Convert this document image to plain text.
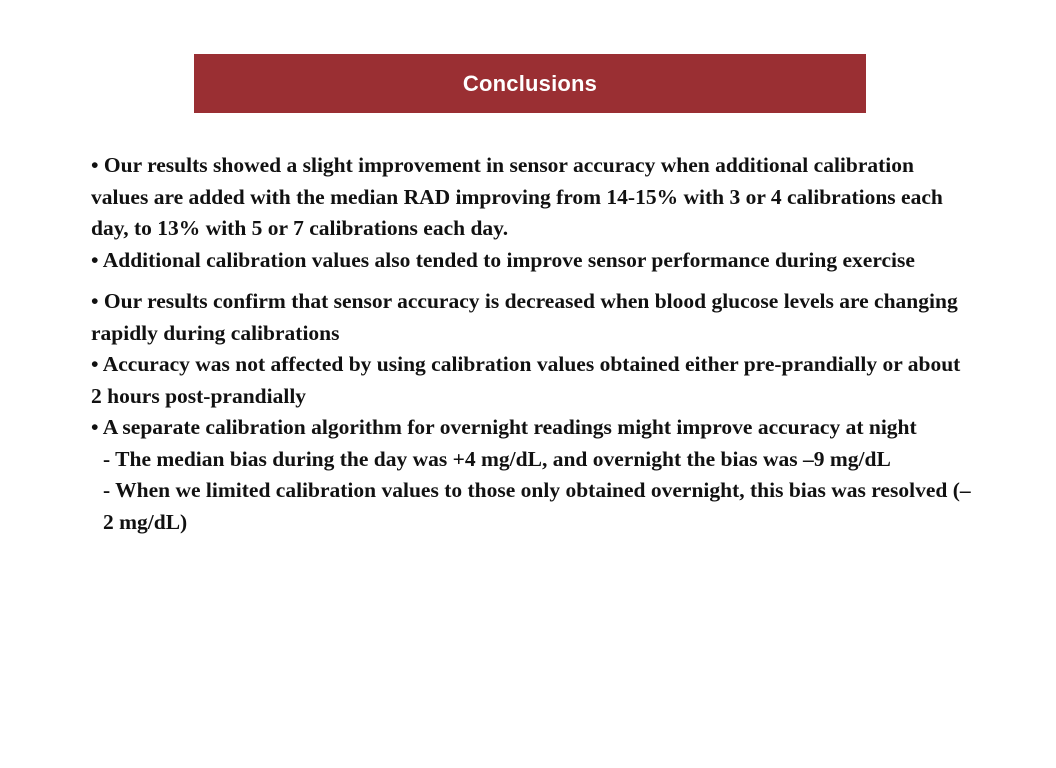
Conclusions

• Our results showed a slight improvement in sensor accuracy when additional calibration values are added with the median RAD improving from 14-15% with 3 or 4 calibrations each day, to 13% with 5 or 7 calibrations each day.

• Additional calibration values also tended to improve sensor performance during exercise

• Our results confirm that sensor accuracy is decreased when blood glucose levels are changing rapidly during calibrations

• Accuracy was not affected by using calibration values obtained either pre-prandially or about 2 hours post-prandially

• A separate calibration algorithm for overnight readings might improve accuracy at night

- The median bias during the day was +4 mg/dL, and overnight the bias was –9 mg/dL

- When we limited calibration values to those only obtained overnight, this bias was resolved (–2 mg/dL)
